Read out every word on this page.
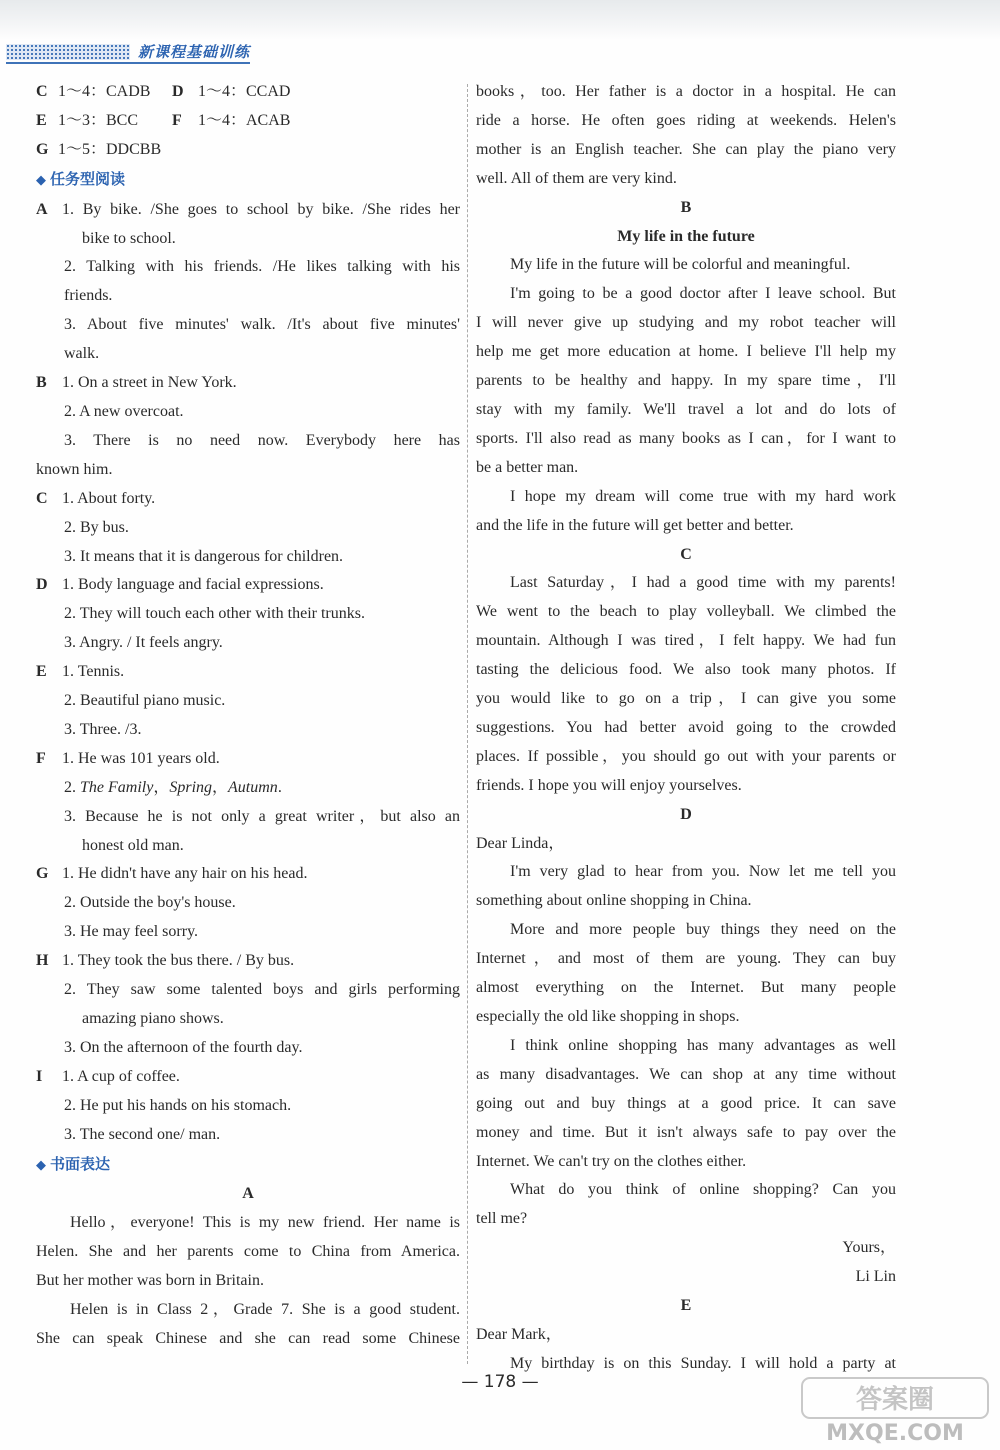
新课程基础训练
C 1～4：CADB	D 1～4：CCAD
E 1～3：BCC	F	1～4：ACAB
G 1～5：DDCBB
◆ 任务型阅读
A 1. By bike. /She goes to school by bike. /She rides her
bike to school.
2. Talking with his friends. /He likes talking with his
friends.
3. About five minutes' walk. /It's about five minutes'
walk.
B 1. On a street in New York.
2. A new overcoat.
3. There is no need now. Everybody here has
known him.
C 1. About forty.
2. By bus.
3. It means that it is dangerous for children.
D 1. Body language and facial expressions.
2. They will touch each other with their trunks.
3. Angry. / It feels angry.
E 1. Tennis.
2. Beautiful piano music.
3. Three. /3.
F	1. He was 101 years old.
2. The Family，Spring，Autumn.
3. Because he is not only a great writer，but also an
honest old man.
G 1. He didn't have any hair on his head.
2. Outside the boy's house.
3. He may feel sorry.
H 1. They took the bus there. / By bus.
2. They saw some talented boys and girls performing
amazing piano shows.
3. On the afternoon of the fourth day.
I	1. A cup of coffee.
2. He put his hands on his stomach.
3. The second one/ man.
◆ 书面表达
A
Hello，everyone! This is my new friend. Her name is
Helen. She and her parents come to China from America.
But her mother was born in Britain.
Helen is in Class 2，Grade 7. She is a good student.
She can speak Chinese and she can read some Chinese
books，too. Her father is a doctor in a hospital. He can
ride a horse. He often goes riding at weekends. Helen's
mother is an English teacher. She can play the piano very
well. All of them are very kind.
B
My life in the future
My life in the future will be colorful and meaningful.
I'm going to be a good doctor after I leave school. But
I will never give up studying and my robot teacher will
help me get more education at home. I believe I'll help my
parents to be healthy and happy. In my spare time，I'll
stay with my family. We'll travel a lot and do lots of
sports. I'll also read as many books as I can，for I want to
be a better man.
I hope my dream will come true with my hard work
and the life in the future will get better and better.
C
Last Saturday，I had a good time with my parents!
We went to the beach to play volleyball. We climbed the
mountain. Although I was tired，I felt happy. We had fun
tasting the delicious food. We also took many photos. If
you would like to go on a trip，I can give you some
suggestions. You had better avoid going to the crowded
places. If possible，you should go out with your parents or
friends. I hope you will enjoy yourselves.
D
Dear Linda，
I'm very glad to hear from you. Now let me tell you
something about online shopping in China.
More and more people buy things they need on the
Internet，and most of them are young. They can buy
almost everything on the Internet. But many people
especially the old like shopping in shops.
I think online shopping has many advantages as well
as many disadvantages. We can shop at any time without
going out and buy things at a good price. It can save
money and time. But it isn't always safe to pay over the
Internet. We can't try on the clothes either.
What do you think of online shopping? Can you
tell me?
Yours，
Li Lin
E
Dear Mark，
My birthday is on this Sunday. I will hold a party at
— 178 —
答案圈
MXQE.COM
